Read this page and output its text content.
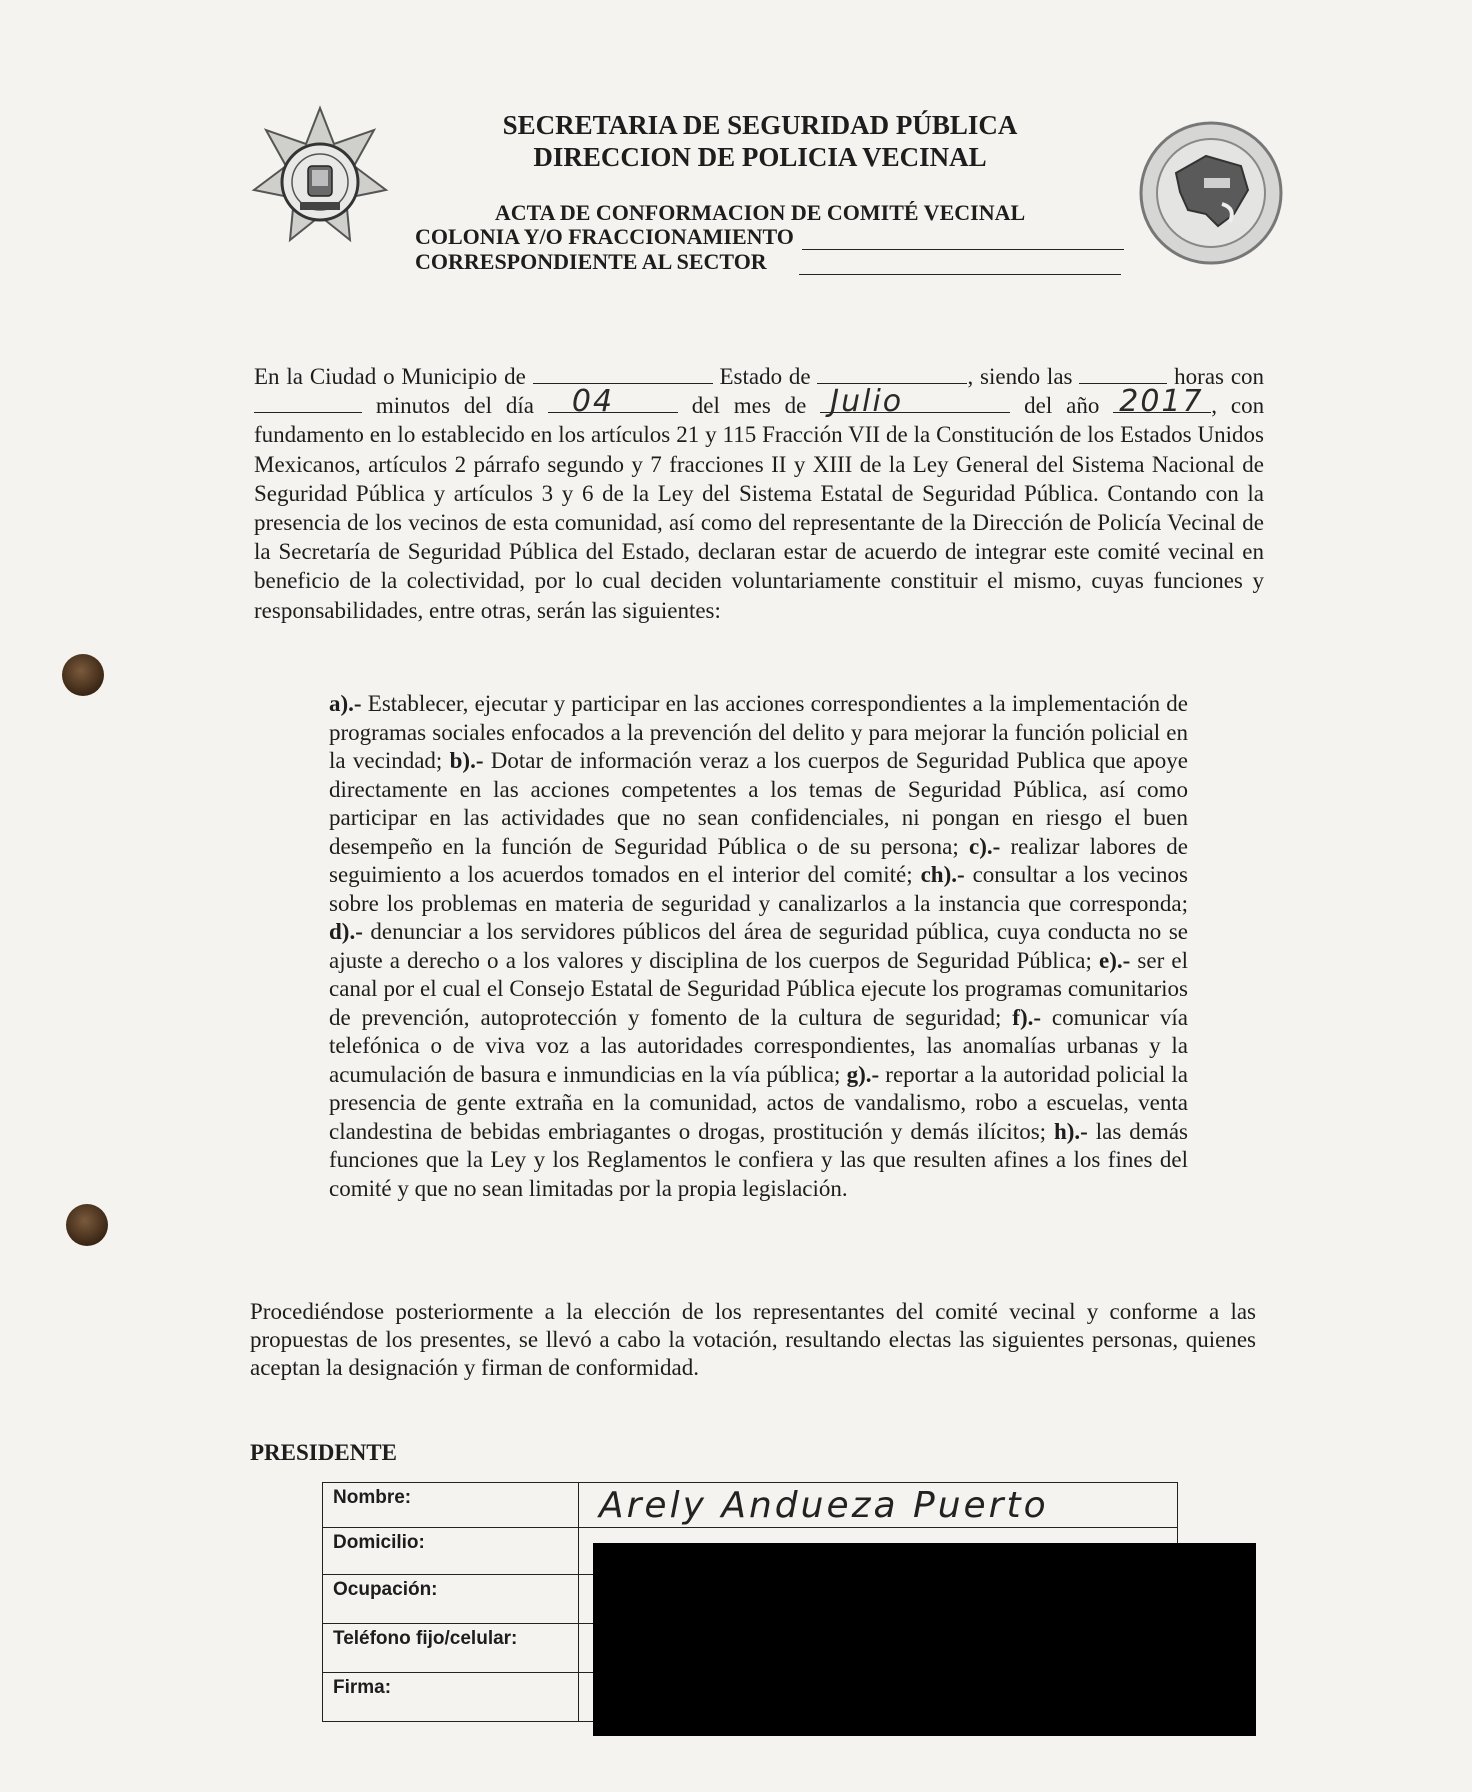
SECRETARIA DE SEGURIDAD PÚBLICA
DIRECCION DE POLICIA VECINAL
ACTA DE CONFORMACION DE COMITÉ VECINAL
COLONIA Y/O FRACCIONAMIENTO
CORRESPONDIENTE AL SECTOR
En la Ciudad o Municipio de	Estado de	, siendo las	horas con  minutos del día 04	del mes de Julio	del año 2017 , con fundamento en lo establecido en los artículos 21 y 115 Fracción VII de la Constitución de los Estados Unidos Mexicanos, artículos 2 párrafo segundo y 7 fracciones II y XIII de la Ley General del Sistema Nacional de Seguridad Pública y artículos 3 y 6 de la Ley del Sistema Estatal de Seguridad Pública. Contando con la presencia de los vecinos de esta comunidad, así como del representante de la Dirección de Policía Vecinal de la Secretaría de Seguridad Pública del Estado, declaran estar de acuerdo de integrar este comité vecinal en beneficio de la colectividad, por lo cual deciden voluntariamente constituir el mismo, cuyas funciones y responsabilidades, entre otras, serán las siguientes:
a).- Establecer, ejecutar y participar en las acciones correspondientes a la implementación de programas sociales enfocados a la prevención del delito y para mejorar la función policial en la vecindad; b).- Dotar de información veraz a los cuerpos de Seguridad Publica que apoye directamente en las acciones competentes a los temas de Seguridad Pública, así como participar en las actividades que no sean confidenciales, ni pongan en riesgo el buen desempeño en la función de Seguridad Pública o de su persona; c).- realizar labores de seguimiento a los acuerdos tomados en el interior del comité; ch).- consultar a los vecinos sobre los problemas en materia de seguridad y canalizarlos a la instancia que corresponda; d).- denunciar a los servidores públicos del área de seguridad pública, cuya conducta no se ajuste a derecho o a los valores y disciplina de los cuerpos de Seguridad Pública; e).- ser el canal por el cual el Consejo Estatal de Seguridad Pública ejecute los programas comunitarios de prevención, autoprotección y fomento de la cultura de seguridad; f).- comunicar vía telefónica o de viva voz a las autoridades correspondientes, las anomalías urbanas y la acumulación de basura e inmundicias en la vía pública; g).- reportar a la autoridad policial la presencia de gente extraña en la comunidad, actos de vandalismo, robo a escuelas, venta clandestina de bebidas embriagantes o drogas, prostitución y demás ilícitos; h).- las demás funciones que la Ley y los Reglamentos le confiera y las que resulten afines a los fines del comité y que no sean limitadas por la propia legislación.
Procediéndose posteriormente a la elección de los representantes del comité vecinal y conforme a las propuestas de los presentes, se llevó a cabo la votación, resultando electas las siguientes personas, quienes aceptan la designación y firman de conformidad.
PRESIDENTE
Nombre:	Arely Andueza Puerto

Domicilio:	
Ocupación:	
Teléfono fijo/celular:	
Firma:	
